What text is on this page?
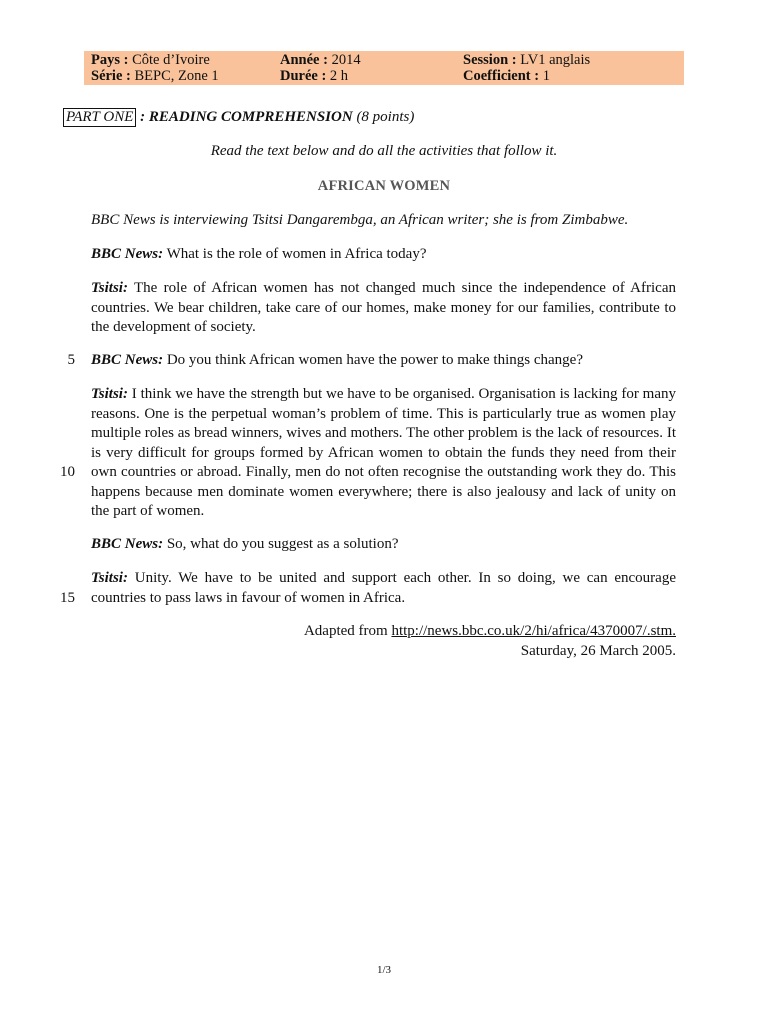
Pays : Côte d’Ivoire	Année : 2014	Session : LV1 anglais
Série : BEPC, Zone 1	Durée : 2 h	Coefficient : 1
PART ONE : READING COMPREHENSION (8 points)
Read the text below and do all the activities that follow it.
AFRICAN WOMEN
BBC News is interviewing Tsitsi Dangarembga, an African writer; she is from Zimbabwe.
BBC News: What is the role of women in Africa today?
Tsitsi: The role of African women has not changed much since the independence of African countries. We bear children, take care of our homes, make money for our families, contribute to the development of society.
5 BBC News: Do you think African women have the power to make things change?
10
Tsitsi: I think we have the strength but we have to be organised. Organisation is lacking for many reasons. One is the perpetual woman’s problem of time. This is particularly true as women play multiple roles as bread winners, wives and mothers. The other problem is the lack of resources. It is very difficult for groups formed by African women to obtain the funds they need from their own countries or abroad. Finally, men do not often recognise the outstanding work they do. This happens because men dominate women everywhere; there is also jealousy and lack of unity on the part of women.
BBC News: So, what do you suggest as a solution?
15
Tsitsi: Unity. We have to be united and support each other. In so doing, we can encourage countries to pass laws in favour of women in Africa.
Adapted from http://news.bbc.co.uk/2/hi/africa/4370007/.stm.
Saturday, 26 March 2005.
1/3
